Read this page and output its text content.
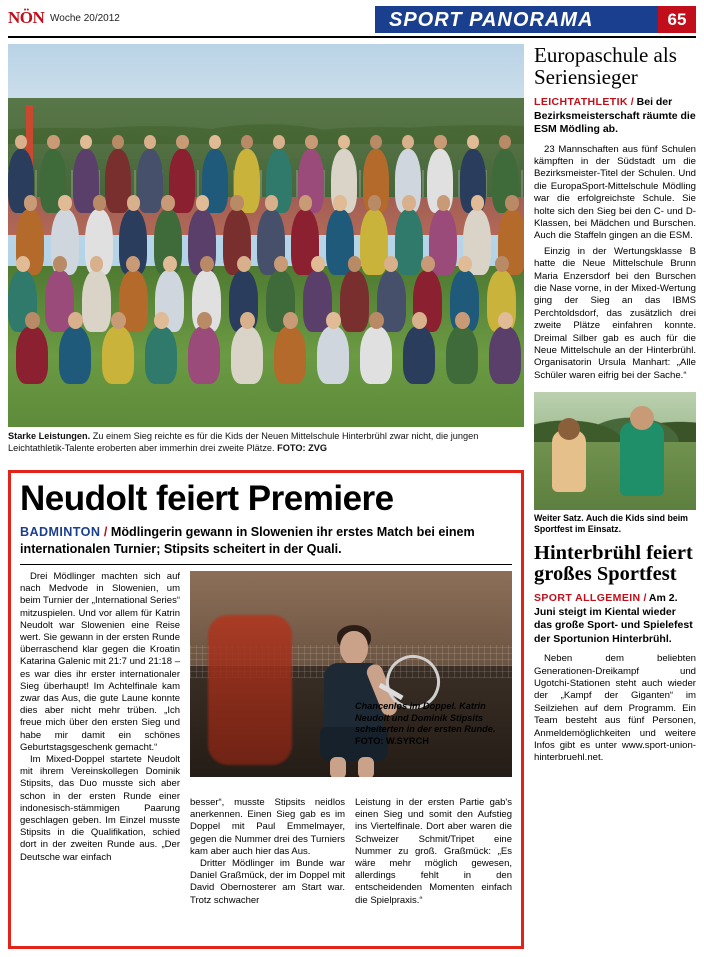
NÖN Woche 20/2012	SPORT PANORAMA	65
Starke Leistungen. Zu einem Sieg reichte es für die Kids der Neuen Mittelschule Hinterbrühl zwar nicht, die jungen Leichtathletik-Talente eroberten aber immerhin drei zweite Plätze. FOTO: ZVG
Europaschule als Seriensieger
LEICHTATHLETIK / Bei der Bezirksmeisterschaft räumte die ESM Mödling ab.

23 Mannschaften aus fünf Schulen kämpften in der Südstadt um die Bezirksmeister-Titel der Schulen. Und die EuropaSport-Mittelschule Mödling war die erfolgreichste Schule. Sie holte sich den Sieg bei den C- und D-Klassen, bei Mädchen und Burschen. Auch die Staffeln gingen an die ESM.

Einzig in der Wertungsklasse B hatte die Neue Mittelschule Brunn Maria Enzersdorf bei den Burschen die Nase vorne, in der Mixed-Wertung ging der Sieg an das IBMS Perchtoldsdorf, das zusätzlich drei zweite Plätze einfahren konnte. Dreimal Silber gab es auch für die Neue Mittelschule an der Hinterbrühl. Organisatorin Ursula Manhart: „Alle Schüler waren eifrig bei der Sache.“

Weiter Satz. Auch die Kids sind beim Sportfest im Einsatz.
Hinterbrühl feiert großes Sportfest
SPORT ALLGEMEIN / Am 2. Juni steigt im Kiental wieder das große Sport- und Spielefest der Sportunion Hinterbrühl.

Neben dem beliebten Generationen-Dreikampf und Ugotchi-Stationen steht auch wieder der „Kampf der Giganten“ im Seilziehen auf dem Programm. Ein Team besteht aus fünf Personen, Anmeldemöglichkeiten und weitere Infos gibt es unter www.sport-union-hinterbruehl.net.

Neudolt feiert Premiere
BADMINTON / Mödlingerin gewann in Slowenien ihr erstes Match bei einem internationalen Turnier; Stipsits scheitert in der Quali.

Drei Mödlinger machten sich auf nach Medvode in Slowenien, um beim Turnier der „International Series“ mitzuspielen. Und vor allem für Katrin Neudolt war Slowenien eine Reise wert. Sie gewann in der ersten Runde überraschend klar gegen die Kroatin Katarina Galenic mit 21:7 und 21:18 – es war dies ihr erster internationaler Sieg überhaupt! Im Achtelfinale kam zwar das Aus, die gute Laune konnte dies aber nicht mehr trüben. „Ich freue mich über den ersten Sieg und habe mir damit ein schönes Geburtstagsgeschenk gemacht.“

Im Mixed-Doppel startete Neudolt mit ihrem Vereinskollegen Dominik Stipsits, das Duo musste sich aber schon in der ersten Runde einer indonesisch-stämmigen Paarung geschlagen geben. Im Einzel musste Stipsits in die Qualifikation, schied dort in der zweiten Runde aus. „Der Deutsche war einfach

Chancenlos im Doppel. Katrin Neudolt und Dominik Stipsits scheiterten in der ersten Runde. FOTO: W.SYRCH

besser“, musste Stipsits neidlos anerkennen. Einen Sieg gab es im Doppel mit Paul Emmelmayer, gegen die Nummer drei des Turniers kam aber auch hier das Aus.

Dritter Mödlinger im Bunde war Daniel Graßmück, der im Doppel mit David Obernosterer am Start war. Trotz schwacher

Leistung in der ersten Partie gab's einen Sieg und somit den Aufstieg ins Viertelfinale. Dort aber waren die Schweizer Schmit/Tripet eine Nummer zu groß. Graßmück: „Es wäre mehr möglich gewesen, allerdings fehlt in den entscheidenden Momenten einfach die Spielpraxis.“
